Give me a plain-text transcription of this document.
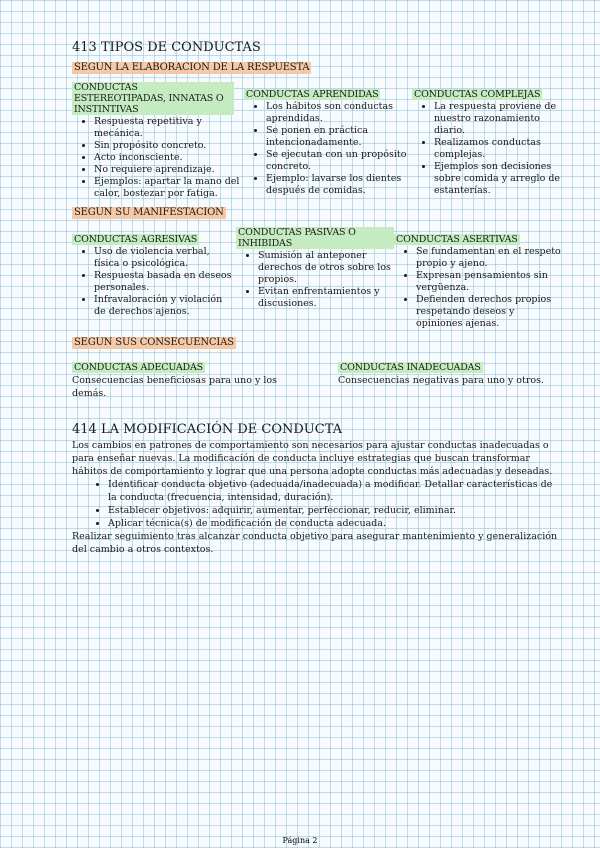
413 TIPOS DE CONDUCTAS
SEGUN LA ELABORACION DE LA RESPUESTA
CONDUCTAS ESTEREOTIPADAS, INNATAS O INSTINTIVAS
• Respuesta repetitiva y mecánica.
• Sin propósito concreto.
• Acto inconsciente.
• No requiere aprendizaje.
• Ejemplos: apartar la mano del calor, bostezar por fatiga.
CONDUCTAS APRENDIDAS
• Los hábitos son conductas aprendidas.
• Se ponen en práctica intencionadamente.
• Se ejecutan con un propósito concreto.
• Ejemplo: lavarse los dientes después de comidas.
CONDUCTAS COMPLEJAS
• La respuesta proviene de nuestro razonamiento diario.
• Realizamos conductas complejas.
• Ejemplos son decisiones sobre comida y arreglo de estanterías.
SEGUN SU MANIFESTACION
CONDUCTAS AGRESIVAS
• Uso de violencia verbal, física o psicológica.
• Respuesta basada en deseos personales.
• Infravaloración y violación de derechos ajenos.
CONDUCTAS PASIVAS O INHIBIDAS
• Sumisión al anteponer derechos de otros sobre los propios.
• Evitan enfrentamientos y discusiones.
CONDUCTAS ASERTIVAS
• Se fundamentan en el respeto propio y ajeno.
• Expresan pensamientos sin vergüenza.
• Defienden derechos propios respetando deseos y opiniones ajenas.
SEGUN SUS CONSECUENCIAS
CONDUCTAS ADECUADAS

Consecuencias beneficiosas para uno y los demás.

CONDUCTAS INADECUADAS

Consecuencias negativas para uno y otros.

414 LA MODIFICACIÓN DE CONDUCTA

Los cambios en patrones de comportamiento son necesarios para ajustar conductas inadecuadas o para enseñar nuevas. La modificación de conducta incluye estrategias que buscan transformar hábitos de comportamiento y lograr que una persona adopte conductas más adecuadas y deseadas.

• Identificar conducta objetivo (adecuada/inadecuada) a modificar. Detallar características de la conducta (frecuencia, intensidad, duración).
• Establecer objetivos: adquirir, aumentar, perfeccionar, reducir, eliminar.
• Aplicar técnica(s) de modificación de conducta adecuada.

Realizar seguimiento tras alcanzar conducta objetivo para asegurar mantenimiento y generalización del cambio a otros contextos.

Página 2
